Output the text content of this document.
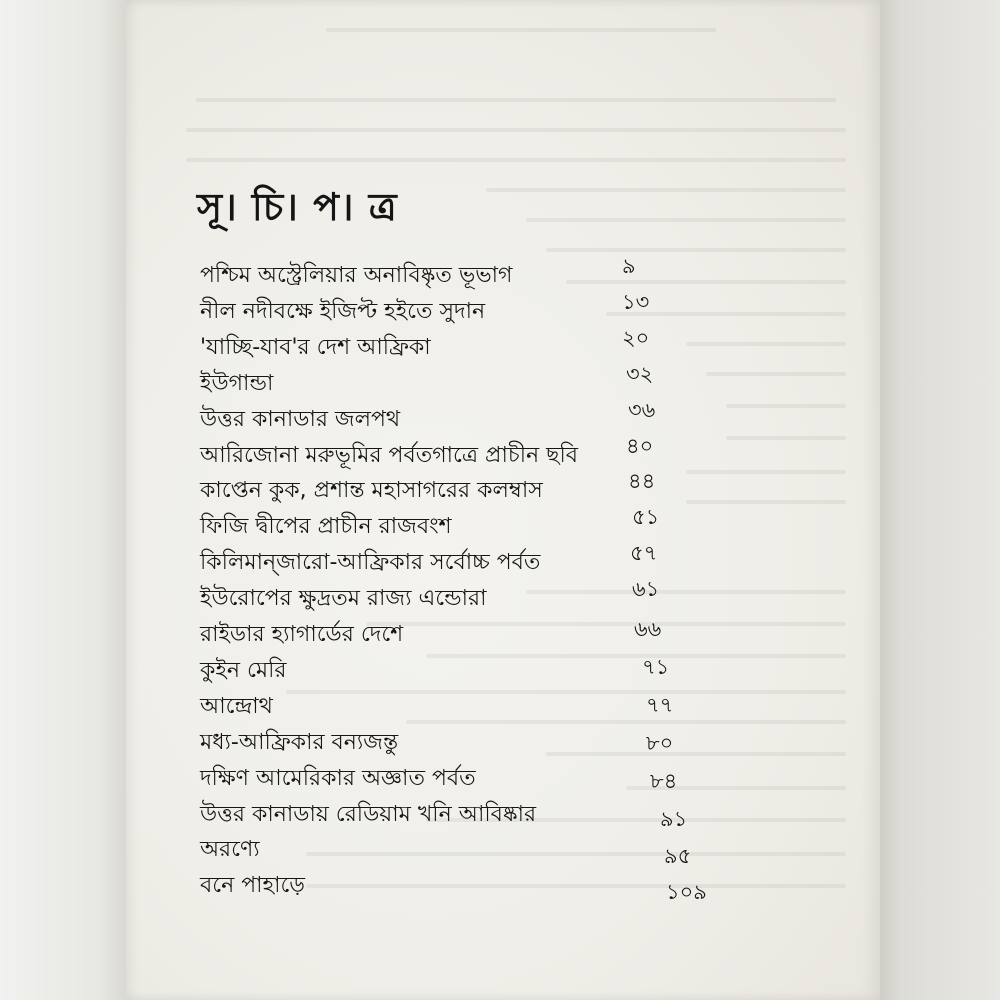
সূ। চি। প। ত্র
পশ্চিম অস্ট্রেলিয়ার অনাবিষ্কৃত ভূভাগ	৯
নীল নদীবক্ষে ইজিপ্ট হইতে সুদান	১৩
'যাচ্ছি-যাব'র দেশ আফ্রিকা	২০
ইউগান্ডা	৩২
উত্তর কানাডার জলপথ	৩৬
আরিজোনা মরুভূমির পর্বতগাত্রে প্রাচীন ছবি ৪০
কাপ্তেন কুক, প্রশান্ত মহাসাগরের কলম্বাস	৪৪
ফিজি দ্বীপের প্রাচীন রাজবংশ	৫১
কিলিমান্‌জারো-আফ্রিকার সর্বোচ্চ পর্বত	৫৭
ইউরোপের ক্ষুদ্রতম রাজ্য এন্ডোরা	৬১
রাইডার হ্যাগার্ডের দেশে	৬৬
কুইন মেরি	৭১
আন্দ্রোথ	৭৭
মধ্য-আফ্রিকার বন্যজন্তু	৮০
দক্ষিণ আমেরিকার অজ্ঞাত পর্বত	৮৪
উত্তর কানাডায় রেডিয়াম খনি আবিষ্কার	৯১
অরণ্যে	৯৫
বনে পাহাড়ে	১০৯
